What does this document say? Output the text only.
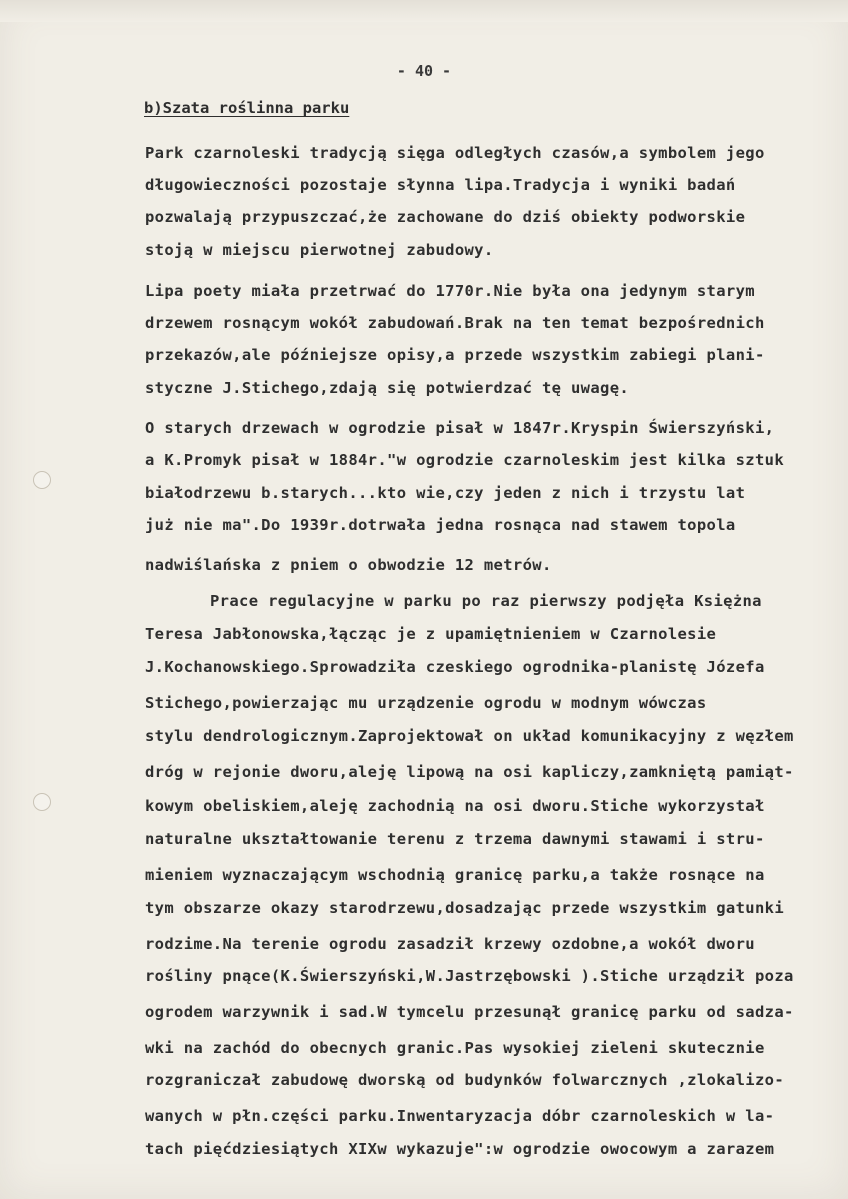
- 40 -
b)Szata roślinna parku
Park czarnoleski tradycją sięga odległych czasów,a symbolem jego
długowieczności pozostaje słynna lipa.Tradycja i wyniki badań
pozwalają przypuszczać,że zachowane do dziś obiekty podworskie
stoją w miejscu pierwotnej zabudowy.
Lipa poety miała przetrwać do 1770r.Nie była ona jedynym starym
drzewem rosnącym wokół zabudowań.Brak na ten temat bezpośrednich
przekazów,ale późniejsze opisy,a przede wszystkim zabiegi plani-
styczne J.Stichego,zdają się potwierdzać tę uwagę.
O starych drzewach w ogrodzie pisał w 1847r.Kryspin Świerszyński,
a K.Promyk pisał w 1884r."w ogrodzie czarnoleskim jest kilka sztuk
białodrzewu b.starych...kto wie,czy jeden z nich i trzystu lat
już nie ma".Do 1939r.dotrwała jedna rosnąca nad stawem topola
nadwiślańska z pniem o obwodzie 12 metrów.
Prace regulacyjne w parku po raz pierwszy podjęła Księżna
Teresa Jabłonowska,łącząc je z upamiętnieniem w Czarnolesie
J.Kochanowskiego.Sprowadziła czeskiego ogrodnika-planistę Józefa
Stichego,powierzając mu urządzenie ogrodu w modnym wówczas
stylu dendrologicznym.Zaprojektował on układ komunikacyjny z węzłem
dróg w rejonie dworu,aleję lipową na osi kapliczy,zamkniętą pamiąt-
kowym obeliskiem,aleję zachodnią na osi dworu.Stiche wykorzystał
naturalne ukształtowanie terenu z trzema dawnymi stawami i stru-
mieniem wyznaczającym wschodnią granicę parku,a także rosnące na
tym obszarze okazy starodrzewu,dosadzając przede wszystkim gatunki
rodzime.Na terenie ogrodu zasadził krzewy ozdobne,a wokół dworu
rośliny pnące(K.Świerszyński,W.Jastrzębowski ).Stiche urządził poza
ogrodem warzywnik i sad.W tymcelu przesunął granicę parku od sadza-
wki na zachód do obecnych granic.Pas wysokiej zieleni skutecznie
rozgraniczał zabudowę dworską od budynków folwarcznych ,zlokalizo-
wanych w płn.części parku.Inwentaryzacja dóbr czarnoleskich w la-
tach pięćdziesiątych XIXw wykazuje":w ogrodzie owocowym a zarazem
